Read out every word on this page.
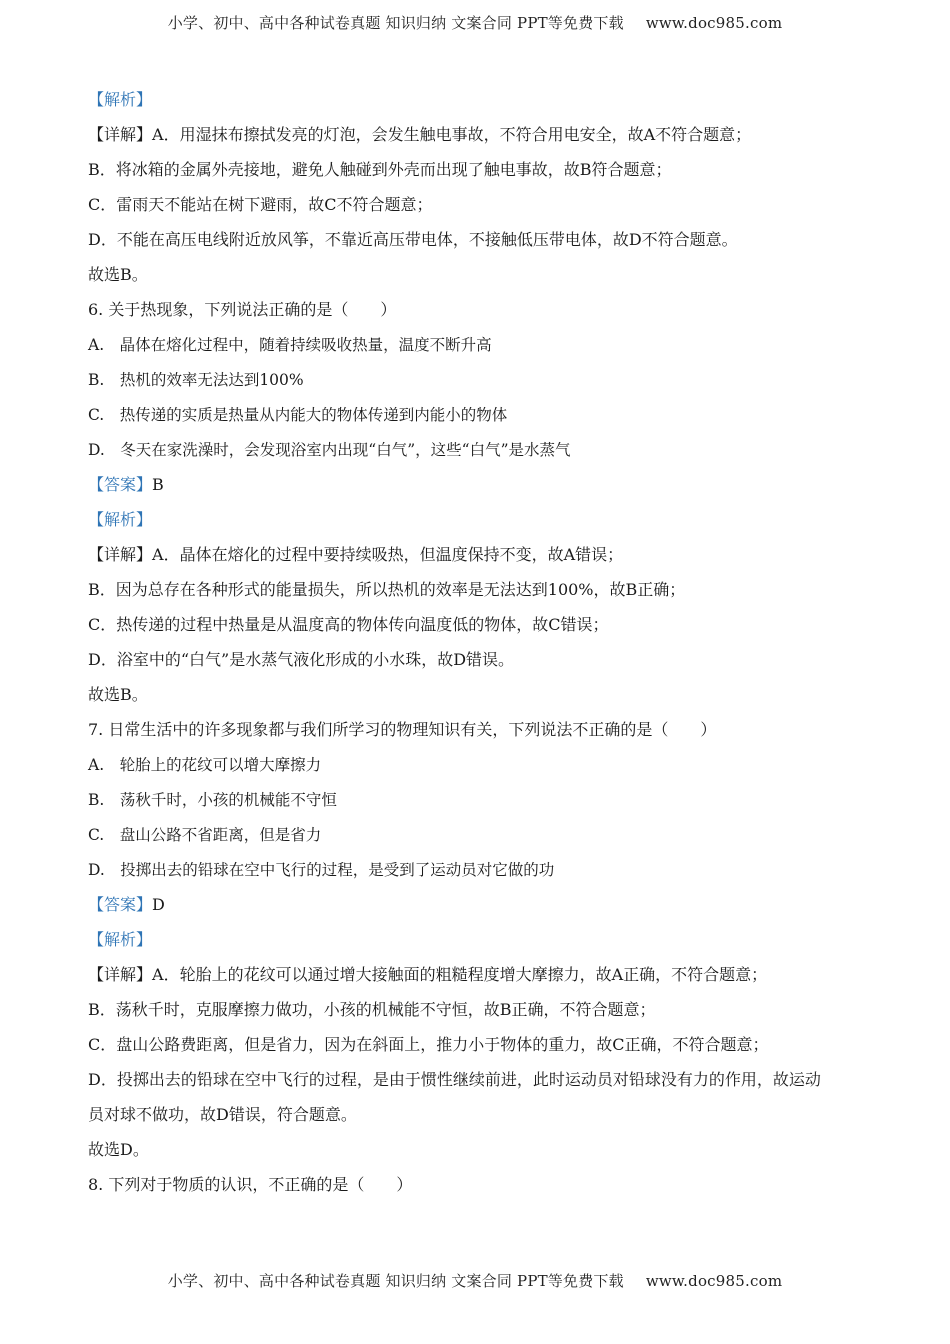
小学、初中、高中各种试卷真题 知识归纳 文案合同 PPT等免费下载 www.doc985.com
【解析】
【详解】A．用湿抹布擦拭发亮的灯泡，会发生触电事故，不符合用电安全，故A不符合题意；
B．将冰箱的金属外壳接地，避免人触碰到外壳而出现了触电事故，故B符合题意；
C．雷雨天不能站在树下避雨，故C不符合题意；
D．不能在高压电线附近放风筝，不靠近高压带电体，不接触低压带电体，故D不符合题意。
故选B。
6. 关于热现象，下列说法正确的是（　　）
A.　晶体在熔化过程中，随着持续吸收热量，温度不断升高
B.　热机的效率无法达到100%
C.　热传递的实质是热量从内能大的物体传递到内能小的物体
D.　冬天在家洗澡时，会发现浴室内出现“白气”，这些“白气”是水蒸气
【答案】B
【解析】
【详解】A．晶体在熔化的过程中要持续吸热，但温度保持不变，故A错误；
B．因为总存在各种形式的能量损失，所以热机的效率是无法达到100%，故B正确；
C．热传递的过程中热量是从温度高的物体传向温度低的物体，故C错误；
D．浴室中的“白气”是水蒸气液化形成的小水珠，故D错误。
故选B。
7. 日常生活中的许多现象都与我们所学习的物理知识有关，下列说法不正确的是（　　）
A.　轮胎上的花纹可以增大摩擦力
B.　荡秋千时，小孩的机械能不守恒
C.　盘山公路不省距离，但是省力
D.　投掷出去的铅球在空中飞行的过程，是受到了运动员对它做的功
【答案】D
【解析】
【详解】A．轮胎上的花纹可以通过增大接触面的粗糙程度增大摩擦力，故A正确，不符合题意；
B．荡秋千时，克服摩擦力做功，小孩的机械能不守恒，故B正确，不符合题意；
C．盘山公路费距离，但是省力，因为在斜面上，推力小于物体的重力，故C正确，不符合题意；
D．投掷出去的铅球在空中飞行的过程，是由于惯性继续前进，此时运动员对铅球没有力的作用，故运动
员对球不做功，故D错误，符合题意。
故选D。
8. 下列对于物质的认识，不正确的是（　　）
小学、初中、高中各种试卷真题 知识归纳 文案合同 PPT等免费下载 www.doc985.com
